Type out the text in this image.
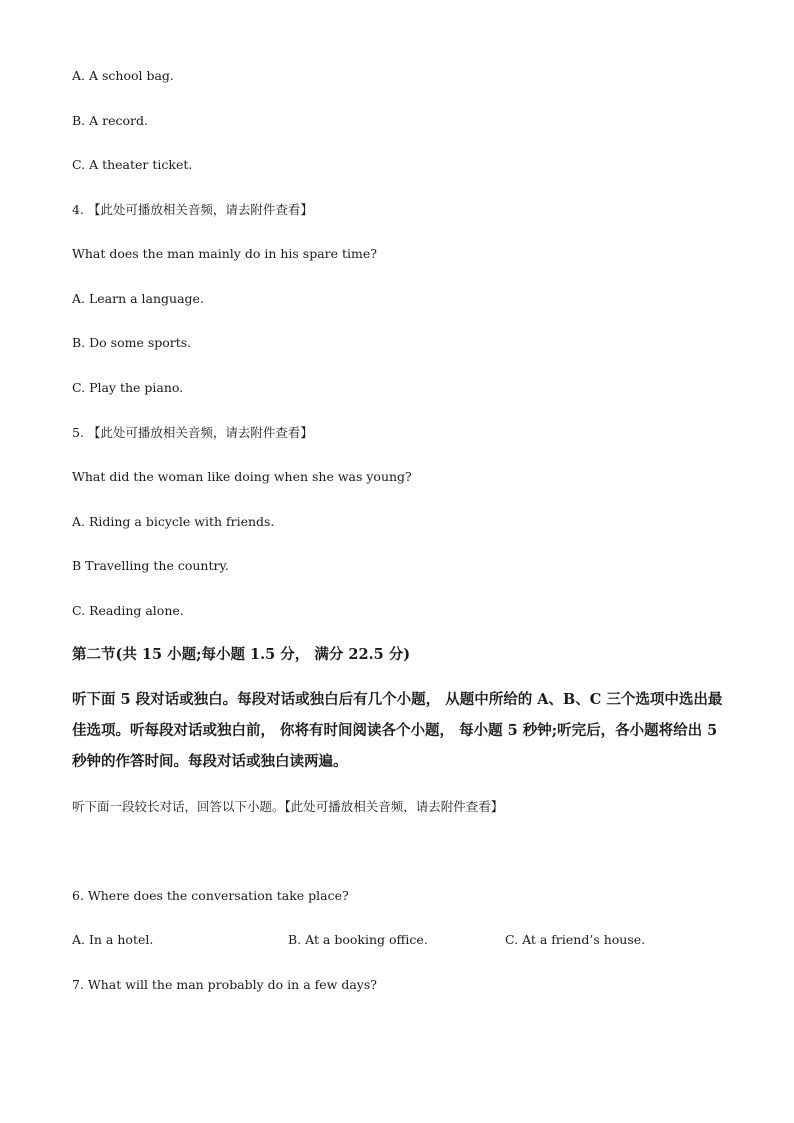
A. A school bag.
B. A record.
C. A theater ticket.
4. 【此处可播放相关音频，请去附件查看】
What does the man mainly do in his spare time?
A. Learn a language.
B. Do some sports.
C. Play the piano.
5. 【此处可播放相关音频，请去附件查看】
What did the woman like doing when she was young?
A. Riding a bicycle with friends.
B Travelling the country.
C. Reading alone.
第二节(共 15 小题;每小题 1.5 分， 满分 22.5 分)
听下面 5 段对话或独白。每段对话或独白后有几个小题， 从题中所给的 A、B、C 三个选项中选出最佳选项。听每段对话或独白前， 你将有时间阅读各个小题， 每小题 5 秒钟;听完后，各小题将给出 5 秒钟的作答时间。每段对话或独白读两遍。
听下面一段较长对话，回答以下小题。【此处可播放相关音频，请去附件查看】
6. Where does the conversation take place?
A. In a hotel.	B. At a booking office.	C. At a friend’s house.
7. What will the man probably do in a few days?
